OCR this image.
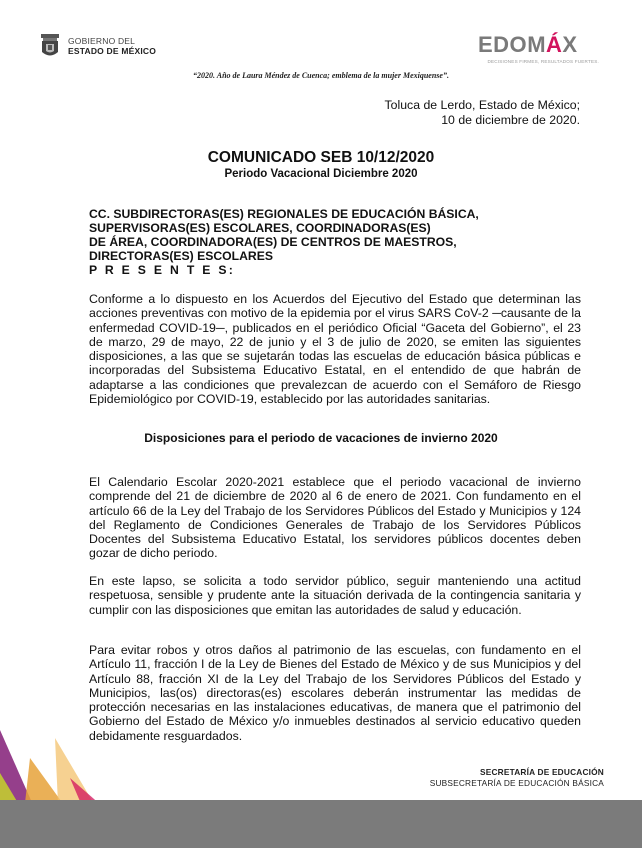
GOBIERNO DEL
ESTADO DE MÉXICO	EDOMÁX
DECISIONES FIRMES, RESULTADOS FUERTES.
“2020. Año de Laura Méndez de Cuenca; emblema de la mujer Mexiquense”.
Toluca de Lerdo, Estado de México;
10 de diciembre de 2020.
COMUNICADO SEB 10/12/2020
Periodo Vacacional Diciembre 2020
CC. SUBDIRECTORAS(ES) REGIONALES DE EDUCACIÓN BÁSICA,
SUPERVISORAS(ES) ESCOLARES, COORDINADORAS(ES)
DE ÁREA, COORDINADORA(ES) DE CENTROS DE MAESTROS,
DIRECTORAS(ES) ESCOLARES
P R E S E N T E S:
Conforme a lo dispuesto en los Acuerdos del Ejecutivo del Estado que determinan las acciones preventivas con motivo de la epidemia por el virus SARS CoV-2 ─causante de la enfermedad COVID-19─, publicados en el periódico Oficial “Gaceta del Gobierno”, el 23 de marzo, 29 de mayo, 22 de junio y el 3 de julio de 2020, se emiten las siguientes disposiciones, a las que se sujetarán todas las escuelas de educación básica públicas e incorporadas del Subsistema Educativo Estatal, en el entendido de que habrán de adaptarse a las condiciones que prevalezcan de acuerdo con el Semáforo de Riesgo Epidemiológico por COVID-19, establecido por las autoridades sanitarias.
Disposiciones para el periodo de vacaciones de invierno 2020
El Calendario Escolar 2020-2021 establece que el periodo vacacional de invierno comprende del 21 de diciembre de 2020 al 6 de enero de 2021. Con fundamento en el artículo 66 de la Ley del Trabajo de los Servidores Públicos del Estado y Municipios y 124 del Reglamento de Condiciones Generales de Trabajo de los Servidores Públicos Docentes del Subsistema Educativo Estatal, los servidores públicos docentes deben gozar de dicho periodo.
En este lapso, se solicita a todo servidor público, seguir manteniendo una actitud respetuosa, sensible y prudente ante la situación derivada de la contingencia sanitaria y cumplir con las disposiciones que emitan las autoridades de salud y educación.
Para evitar robos y otros daños al patrimonio de las escuelas, con fundamento en el Artículo 11, fracción I de la Ley de Bienes del Estado de México y de sus Municipios y del Artículo 88, fracción XI de la Ley del Trabajo de los Servidores Públicos del Estado y Municipios, las(os) directoras(es) escolares deberán instrumentar las medidas de protección necesarias en las instalaciones educativas, de manera que el patrimonio del Gobierno del Estado de México y/o inmuebles destinados al servicio educativo queden debidamente resguardados.
SECRETARÍA DE EDUCACIÓN
SUBSECRETARÍA DE EDUCACIÓN BÁSICA
